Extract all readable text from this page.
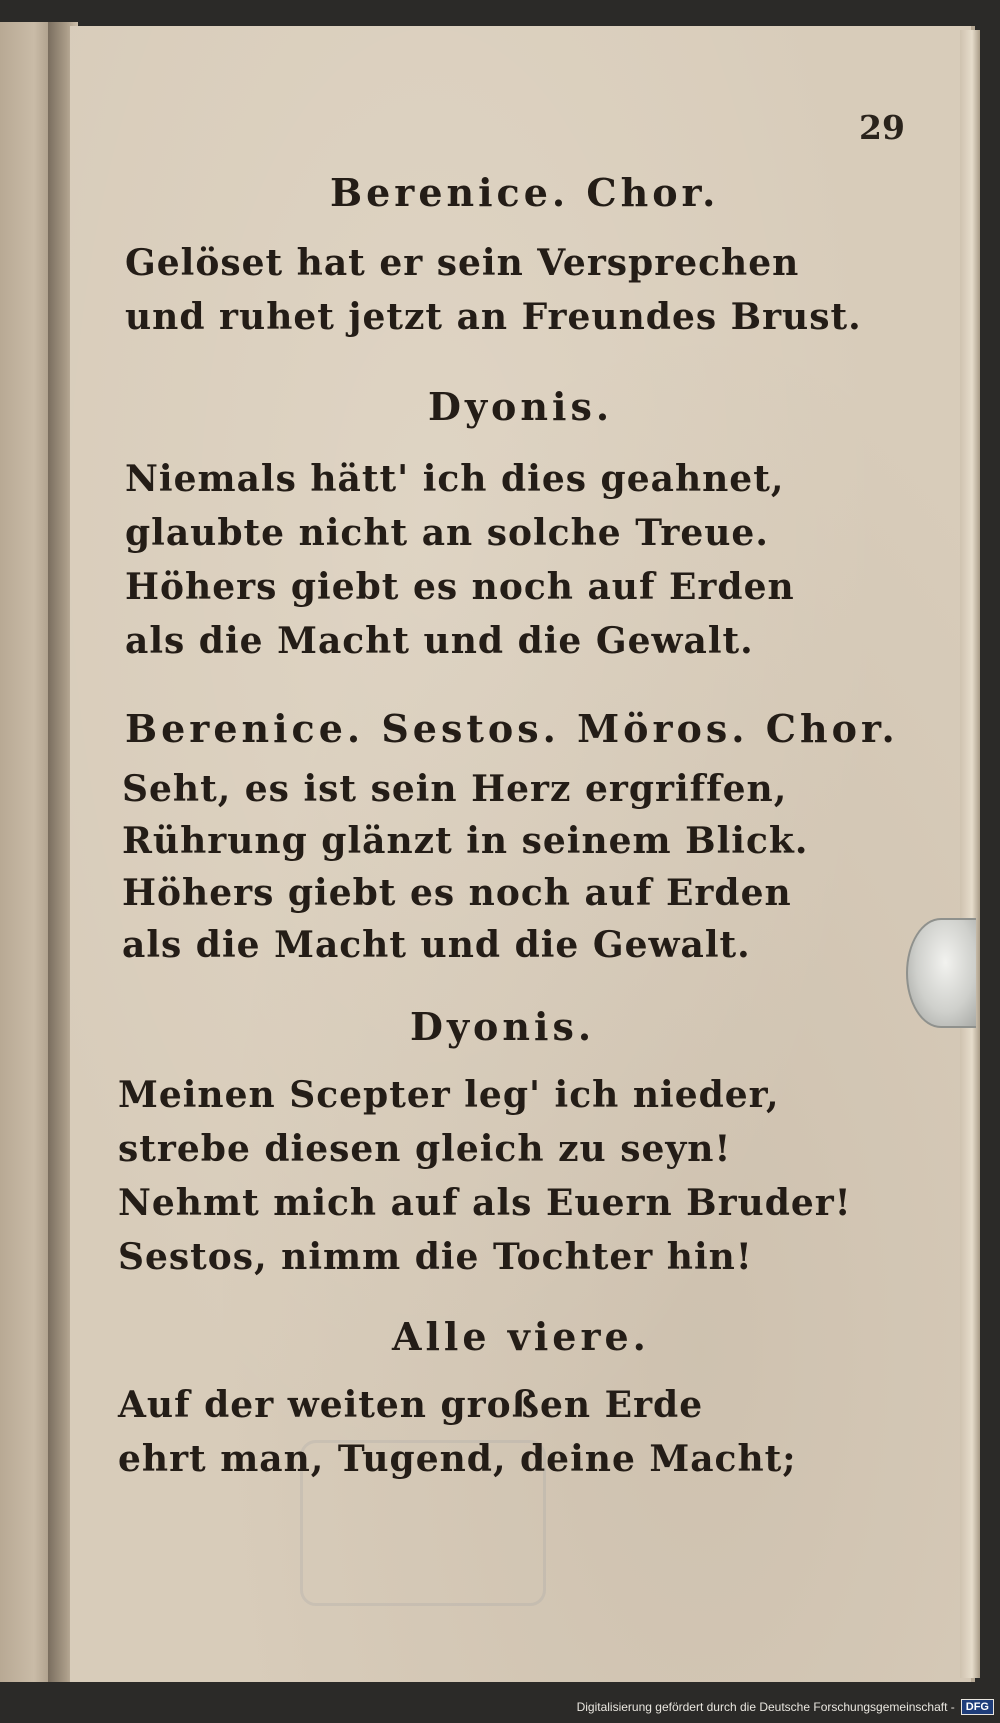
29
Berenice. Chor.
Gelöset hat er sein Versprechen
und ruhet jetzt an Freundes Brust.
Dyonis.
Niemals hätt' ich dies geahnet,
glaubte nicht an solche Treue.
Höhers giebt es noch auf Erden
als die Macht und die Gewalt.
Berenice. Sestos. Möros. Chor.
Seht, es ist sein Herz ergriffen,
Rührung glänzt in seinem Blick.
Höhers giebt es noch auf Erden
als die Macht und die Gewalt.
Dyonis.
Meinen Scepter leg' ich nieder,
strebe diesen gleich zu seyn!
Nehmt mich auf als Euern Bruder!
Sestos, nimm die Tochter hin!
Alle viere.
Auf der weiten großen Erde
ehrt man, Tugend, deine Macht;
Digitalisierung gefördert durch die Deutsche Forschungsgemeinschaft -	DFG
